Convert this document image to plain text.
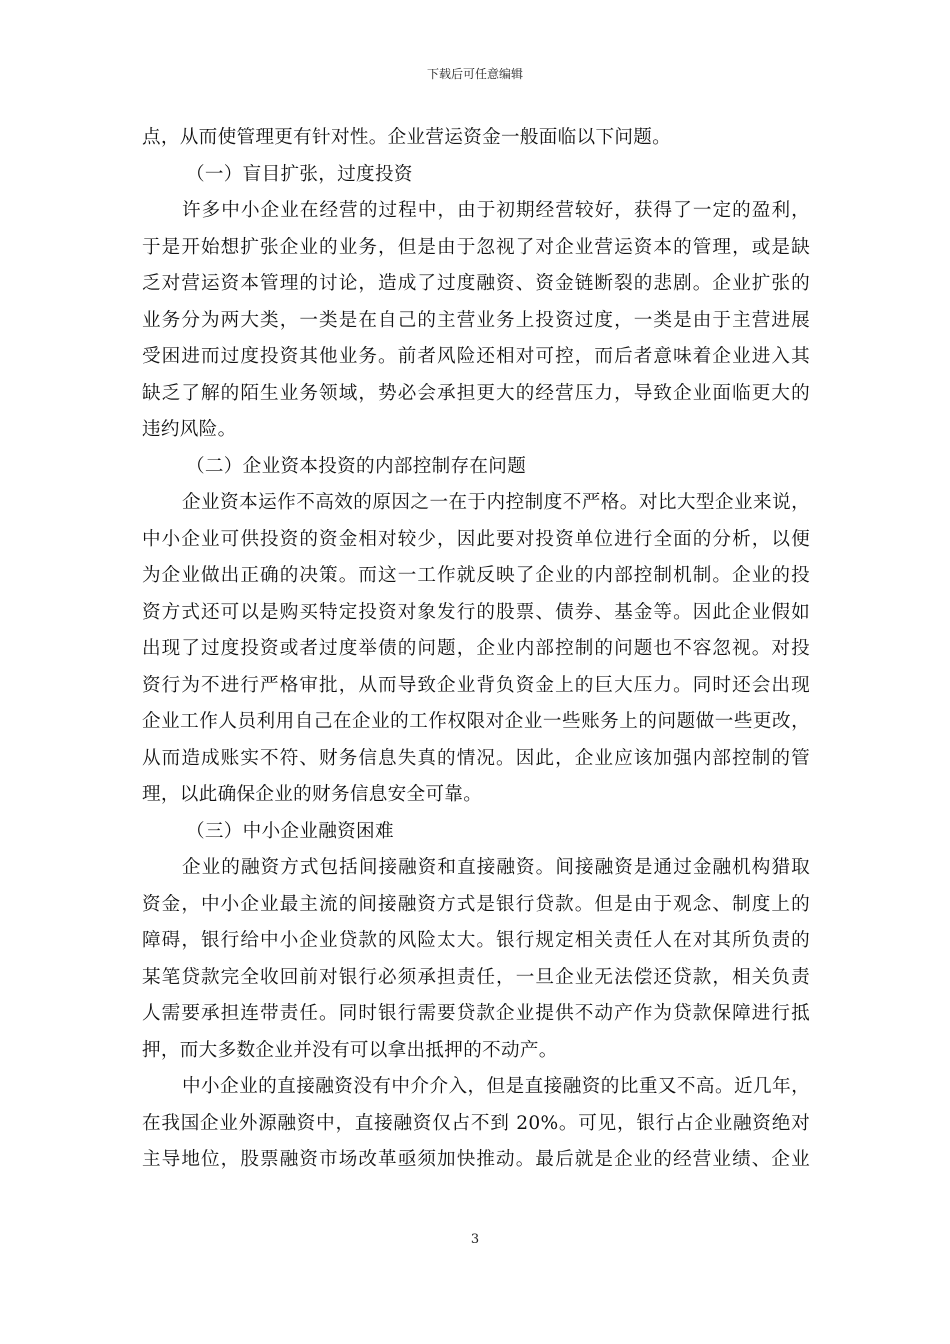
下载后可任意编辑
点，从而使管理更有针对性。企业营运资金一般面临以下问题。
（一）盲目扩张，过度投资
许多中小企业在经营的过程中，由于初期经营较好，获得了一定的盈利，
于是开始想扩张企业的业务，但是由于忽视了对企业营运资本的管理，或是缺
乏对营运资本管理的讨论，造成了过度融资、资金链断裂的悲剧。企业扩张的
业务分为两大类，一类是在自己的主营业务上投资过度，一类是由于主营进展
受困进而过度投资其他业务。前者风险还相对可控，而后者意味着企业进入其
缺乏了解的陌生业务领域，势必会承担更大的经营压力，导致企业面临更大的
违约风险。
（二）企业资本投资的内部控制存在问题
企业资本运作不高效的原因之一在于内控制度不严格。对比大型企业来说，
中小企业可供投资的资金相对较少，因此要对投资单位进行全面的分析，以便
为企业做出正确的决策。而这一工作就反映了企业的内部控制机制。企业的投
资方式还可以是购买特定投资对象发行的股票、债券、基金等。因此企业假如
出现了过度投资或者过度举债的问题，企业内部控制的问题也不容忽视。对投
资行为不进行严格审批，从而导致企业背负资金上的巨大压力。同时还会出现
企业工作人员利用自己在企业的工作权限对企业一些账务上的问题做一些更改，
从而造成账实不符、财务信息失真的情况。因此，企业应该加强内部控制的管
理，以此确保企业的财务信息安全可靠。
（三）中小企业融资困难
企业的融资方式包括间接融资和直接融资。间接融资是通过金融机构猎取
资金，中小企业最主流的间接融资方式是银行贷款。但是由于观念、制度上的
障碍，银行给中小企业贷款的风险太大。银行规定相关责任人在对其所负责的
某笔贷款完全收回前对银行必须承担责任，一旦企业无法偿还贷款，相关负责
人需要承担连带责任。同时银行需要贷款企业提供不动产作为贷款保障进行抵
押，而大多数企业并没有可以拿出抵押的不动产。
中小企业的直接融资没有中介介入，但是直接融资的比重又不高。近几年，
在我国企业外源融资中，直接融资仅占不到 20%。可见，银行占企业融资绝对
主导地位，股票融资市场改革亟须加快推动。最后就是企业的经营业绩、企业
3
